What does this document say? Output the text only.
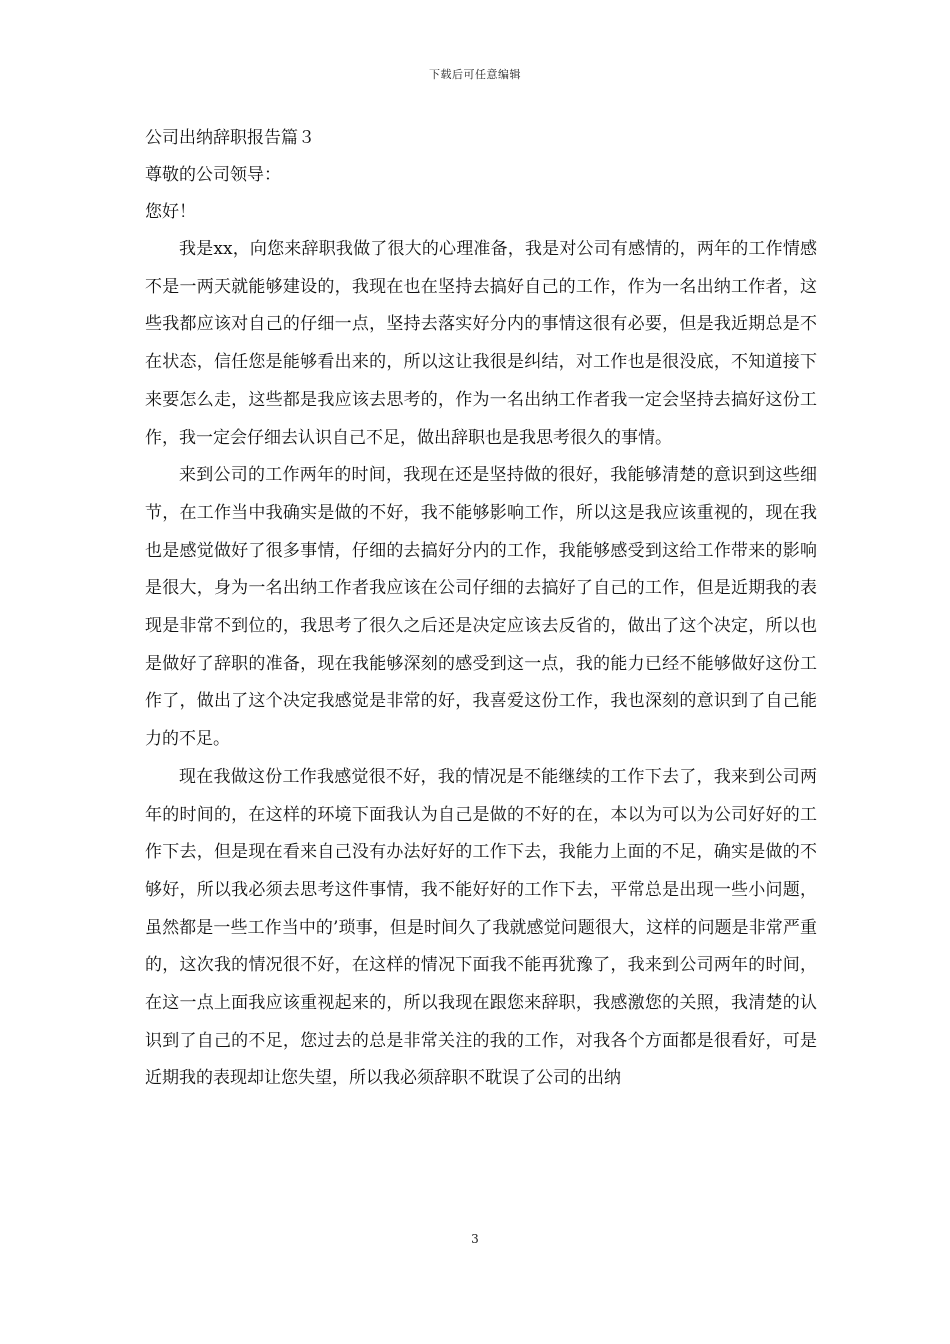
下载后可任意编辑

公司出纳辞职报告篇３

尊敬的公司领导：

您好！

我是xx，向您来辞职我做了很大的心理准备，我是对公司有感情的，两年的工作情感不是一两天就能够建设的，我现在也在坚持去搞好自己的工作，作为一名出纳工作者，这些我都应该对自己的仔细一点，坚持去落实好分内的事情这很有必要，但是我近期总是不在状态，信任您是能够看出来的，所以这让我很是纠结，对工作也是很没底，不知道接下来要怎么走，这些都是我应该去思考的，作为一名出纳工作者我一定会坚持去搞好这份工作，我一定会仔细去认识自己不足，做出辞职也是我思考很久的事情。

来到公司的工作两年的时间，我现在还是坚持做的很好，我能够清楚的意识到这些细节，在工作当中我确实是做的不好，我不能够影响工作，所以这是我应该重视的，现在我也是感觉做好了很多事情，仔细的去搞好分内的工作，我能够感受到这给工作带来的影响是很大，身为一名出纳工作者我应该在公司仔细的去搞好了自己的工作，但是近期我的表现是非常不到位的，我思考了很久之后还是决定应该去反省的，做出了这个决定，所以也是做好了辞职的准备，现在我能够深刻的感受到这一点，我的能力已经不能够做好这份工作了，做出了这个决定我感觉是非常的好，我喜爱这份工作，我也深刻的意识到了自己能力的不足。

现在我做这份工作我感觉很不好，我的情况是不能继续的工作下去了，我来到公司两年的时间的，在这样的环境下面我认为自己是做的不好的在，本以为可以为公司好好的工作下去，但是现在看来自己没有办法好好的工作下去，我能力上面的不足，确实是做的不够好，所以我必须去思考这件事情，我不能好好的工作下去，平常总是出现一些小问题，虽然都是一些工作当中的’琐事，但是时间久了我就感觉问题很大，这样的问题是非常严重的，这次我的情况很不好，在这样的情况下面我不能再犹豫了，我来到公司两年的时间，在这一点上面我应该重视起来的，所以我现在跟您来辞职，我感激您的关照，我清楚的认识到了自己的不足，您过去的总是非常关注的我的工作，对我各个方面都是很看好，可是近期我的表现却让您失望，所以我必须辞职不耽误了公司的出纳

3
